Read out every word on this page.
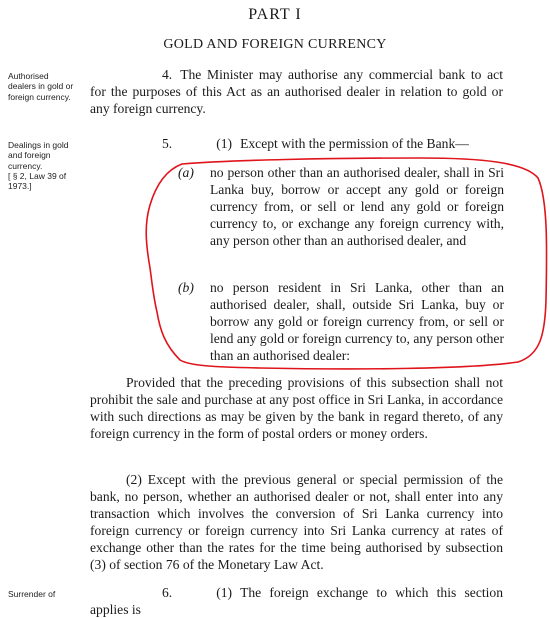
PART I
GOLD AND FOREIGN CURRENCY
Authorised dealers in gold or foreign currency.
Dealings in gold and foreign currency.
[ § 2, Law 39 of 1973.]
Surrender of
4. The Minister may authorise any commercial bank to act for the purposes of this Act as an authorised dealer in relation to gold or any foreign currency.
5.	(1) Except with the permission of the Bank—
(a) no person other than an authorised dealer, shall in Sri Lanka buy, borrow or accept any gold or foreign currency from, or sell or lend any gold or foreign currency to, or exchange any foreign currency with, any person other than an authorised dealer, and
(b) no person resident in Sri Lanka, other than an authorised dealer, shall, outside Sri Lanka, buy or borrow any gold or foreign currency from, or sell or lend any gold or foreign currency to, any person other than an authorised dealer:
Provided that the preceding provisions of this subsection shall not prohibit the sale and purchase at any post office in Sri Lanka, in accordance with such directions as may be given by the bank in regard thereto, of any foreign currency in the form of postal orders or money orders.
(2) Except with the previous general or special permission of the bank, no person, whether an authorised dealer or not, shall enter into any transaction which involves the conversion of Sri Lanka currency into foreign currency or foreign currency into Sri Lanka currency at rates of exchange other than the rates for the time being authorised by subsection (3) of section 76 of the Monetary Law Act.
6.	(1) The foreign exchange to which this section applies is
